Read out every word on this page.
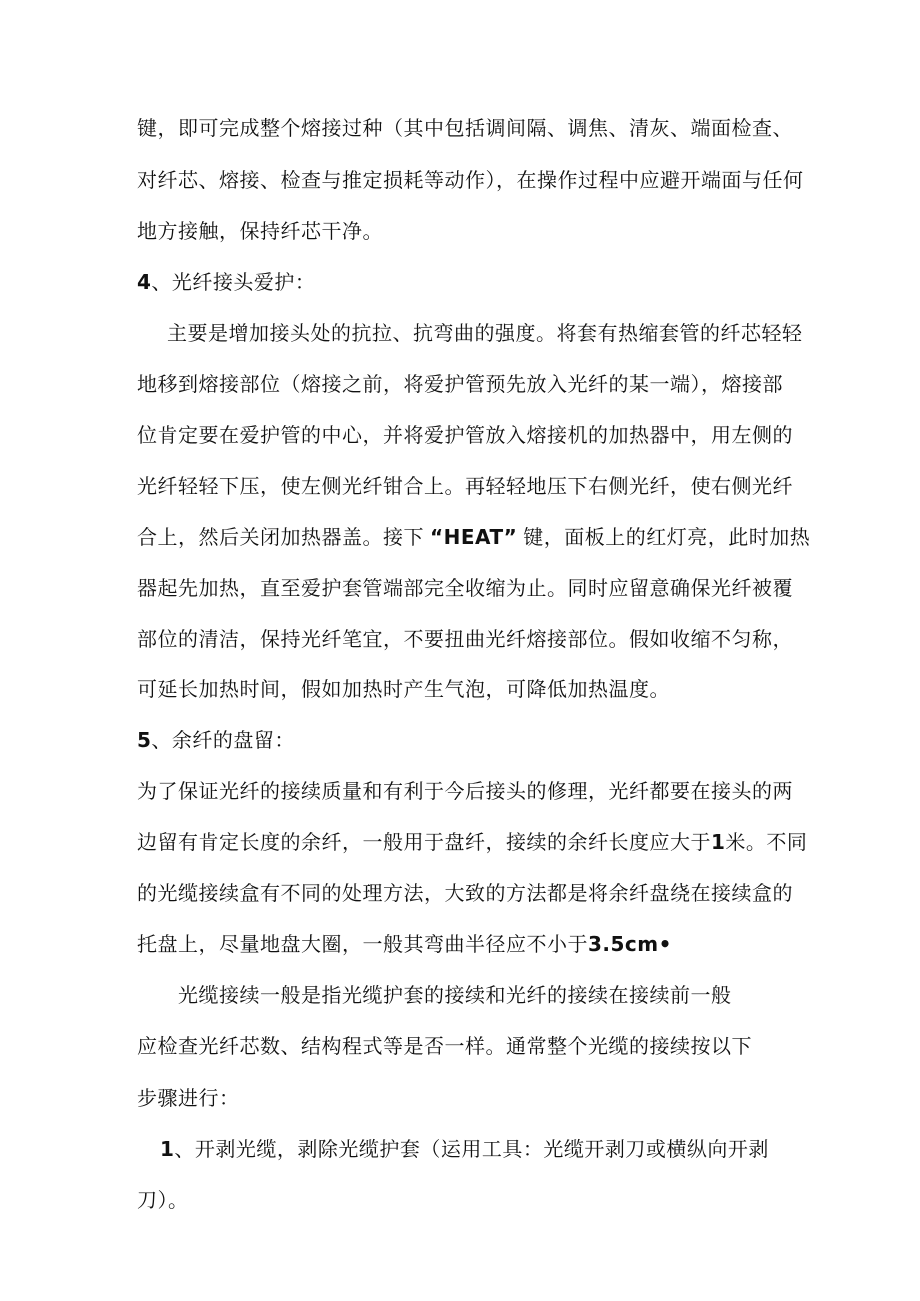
键，即可完成整个熔接过种（其中包括调间隔、调焦、清灰、端面检查、
对纤芯、熔接、检查与推定损耗等动作），在操作过程中应避开端面与任何
地方接触，保持纤芯干净。
4、光纤接头爱护：
主要是增加接头处的抗拉、抗弯曲的强度。将套有热缩套管的纤芯轻轻
地移到熔接部位（熔接之前，将爱护管预先放入光纤的某一端），熔接部
位肯定要在爱护管的中心，并将爱护管放入熔接机的加热器中，用左侧的
光纤轻轻下压，使左侧光纤钳合上。再轻轻地压下右侧光纤，使右侧光纤
合上，然后关闭加热器盖。接下 “HEAT” 键，面板上的红灯亮，此时加热
器起先加热，直至爱护套管端部完全收缩为止。同时应留意确保光纤被覆
部位的清洁，保持光纤笔宜，不要扭曲光纤熔接部位。假如收缩不匀称，
可延长加热时间，假如加热时产生气泡，可降低加热温度。
5、余纤的盘留：
为了保证光纤的接续质量和有利于今后接头的修理，光纤都要在接头的两
边留有肯定长度的余纤，一般用于盘纤，接续的余纤长度应大于1米。不同
的光缆接续盒有不同的处理方法，大致的方法都是将余纤盘绕在接续盒的
托盘上，尽量地盘大圈，一般其弯曲半径应不小于3.5cm•
光缆接续一般是指光缆护套的接续和光纤的接续在接续前一般
应检查光纤芯数、结构程式等是否一样。通常整个光缆的接续按以下
步骤进行：
1、开剥光缆，剥除光缆护套（运用工具：光缆开剥刀或横纵向开剥
刀）。
